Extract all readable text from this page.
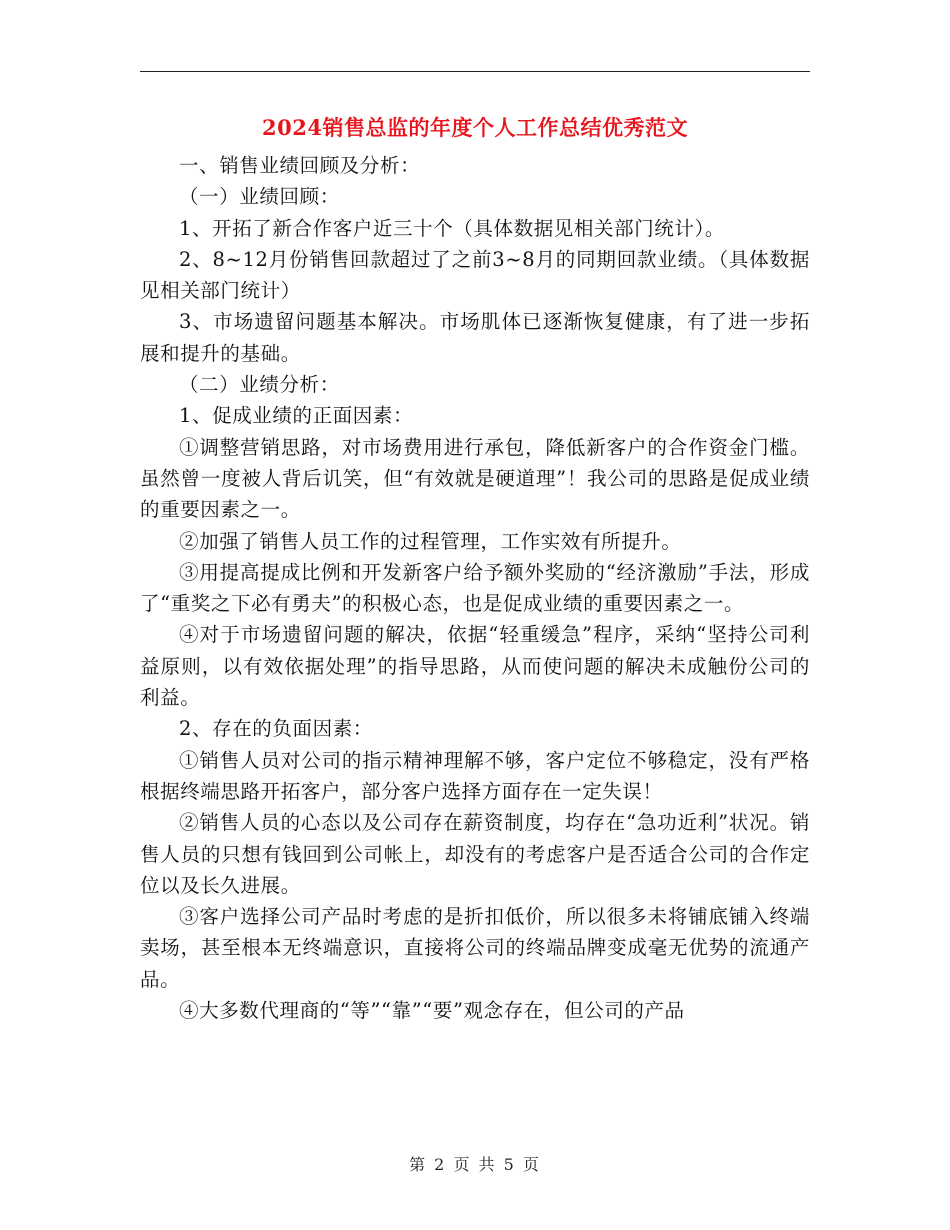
2024销售总监的年度个人工作总结优秀范文

一、销售业绩回顾及分析：

（一）业绩回顾：

1、开拓了新合作客户近三十个（具体数据见相关部门统计）。

2、8~12月份销售回款超过了之前3~8月的同期回款业绩。（具体数据见相关部门统计）

3、市场遗留问题基本解决。市场肌体已逐渐恢复健康，有了进一步拓展和提升的基础。

（二）业绩分析：

1、促成业绩的正面因素：

①调整营销思路，对市场费用进行承包，降低新客户的合作资金门槛。虽然曾一度被人背后讥笑，但“有效就是硬道理”！我公司的思路是促成业绩的重要因素之一。

②加强了销售人员工作的过程管理，工作实效有所提升。

③用提高提成比例和开发新客户给予额外奖励的“经济激励”手法，形成了“重奖之下必有勇夫”的积极心态，也是促成业绩的重要因素之一。

④对于市场遗留问题的解决，依据“轻重缓急”程序，采纳“坚持公司利益原则，以有效依据处理”的指导思路，从而使问题的解决未成触份公司的利益。

2、存在的负面因素：

①销售人员对公司的指示精神理解不够，客户定位不够稳定，没有严格根据终端思路开拓客户，部分客户选择方面存在一定失误！

②销售人员的心态以及公司存在薪资制度，均存在“急功近利”状况。销售人员的只想有钱回到公司帐上，却没有的考虑客户是否适合公司的合作定位以及长久进展。

③客户选择公司产品时考虑的是折扣低价，所以很多未将铺底铺入终端卖场，甚至根本无终端意识，直接将公司的终端品牌变成毫无优势的流通产品。

④大多数代理商的“等”“靠”“要”观念存在，但公司的产品

第 2 页 共 5 页
